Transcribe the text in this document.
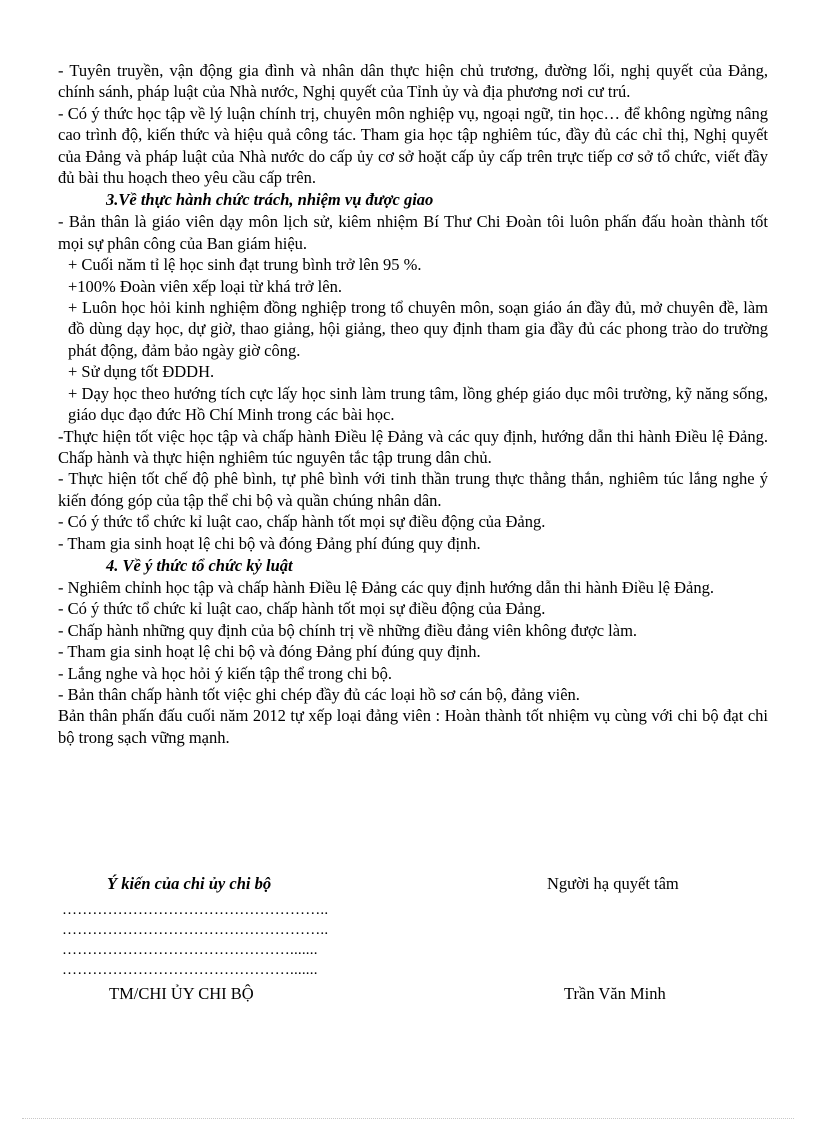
- Tuyên truyền, vận động gia đình và nhân dân thực hiện chủ trương, đường lối, nghị quyết của Đảng, chính sánh, pháp luật của Nhà nước, Nghị quyết của Tỉnh ủy và địa phương nơi cư trú.

- Có ý thức học tập về lý luận chính trị, chuyên môn nghiệp vụ, ngoại ngữ, tin học… để không ngừng nâng cao trình độ, kiến thức và hiệu quả công tác. Tham gia học tập nghiêm túc, đầy đủ các chỉ thị, Nghị quyết của Đảng và pháp luật của Nhà nước do cấp ủy cơ sở hoặt cấp ủy cấp trên trực tiếp cơ sở tổ chức, viết đầy đủ bài thu hoạch theo yêu cầu cấp trên.

3.Về thực hành chức trách, nhiệm vụ được giao

- Bản thân là giáo viên dạy môn lịch sử, kiêm nhiệm Bí Thư Chi Đoàn tôi luôn phấn đấu hoàn thành tốt mọi sự phân công của Ban giám hiệu.

+ Cuối năm tỉ lệ học sinh đạt trung bình trở lên 95 %.

+100% Đoàn viên xếp loại từ khá trở lên.

+ Luôn học hỏi kinh nghiệm đồng nghiệp trong tổ chuyên môn, soạn giáo án đầy đủ, mở chuyên đề, làm đồ dùng dạy học, dự giờ, thao giảng, hội giảng, theo quy định tham gia đầy đủ các phong trào do trường phát động, đảm bảo ngày giờ công.

+ Sử dụng tốt ĐDDH.

+ Dạy học theo hướng tích cực lấy học sinh làm trung tâm, lồng ghép giáo dục môi trường, kỹ năng sống, giáo dục đạo đức Hồ Chí Minh trong các bài học.

-Thực hiện tốt việc học tập và chấp hành Điều lệ Đảng và các quy định, hướng dẫn thi hành Điều lệ Đảng. Chấp hành và thực hiện nghiêm túc nguyên tắc tập trung dân chủ.

- Thực hiện tốt chế độ phê bình, tự phê bình với tinh thần trung thực thẳng thắn, nghiêm túc lắng nghe ý kiến đóng góp của tập thể chi bộ và quần chúng nhân dân.

- Có ý thức tổ chức kỉ luật cao, chấp hành tốt mọi sự điều động của Đảng.

- Tham gia sinh hoạt lệ chi bộ và đóng Đảng phí đúng quy định.

4. Về ý thức tổ chức kỷ luật

- Nghiêm chỉnh học tập và chấp hành Điều lệ Đảng các quy định hướng dẫn thi hành Điều lệ Đảng.

- Có ý thức tổ chức kỉ luật cao, chấp hành tốt mọi sự điều động của Đảng.

- Chấp hành những quy định của bộ chính trị về những điều đảng viên không được làm.

- Tham gia sinh hoạt lệ chi bộ và đóng Đảng phí đúng quy định.

- Lắng nghe và học hỏi ý kiến tập thể trong chi bộ.

- Bản thân chấp hành tốt việc ghi chép đầy đủ các loại hồ sơ cán bộ, đảng viên.

Bản thân phấn đấu cuối năm 2012 tự xếp loại đảng viên : Hoàn thành tốt nhiệm vụ cùng với chi bộ đạt chi bộ trong sạch vững mạnh.

Ý kiến của chi ủy chi bộ	Người hạ quyết tâm
……………………………………………..
……………………………………………..
……………………………………….......
……………………………………….......
TM/CHI ỦY CHI BỘ	Trần Văn Minh
